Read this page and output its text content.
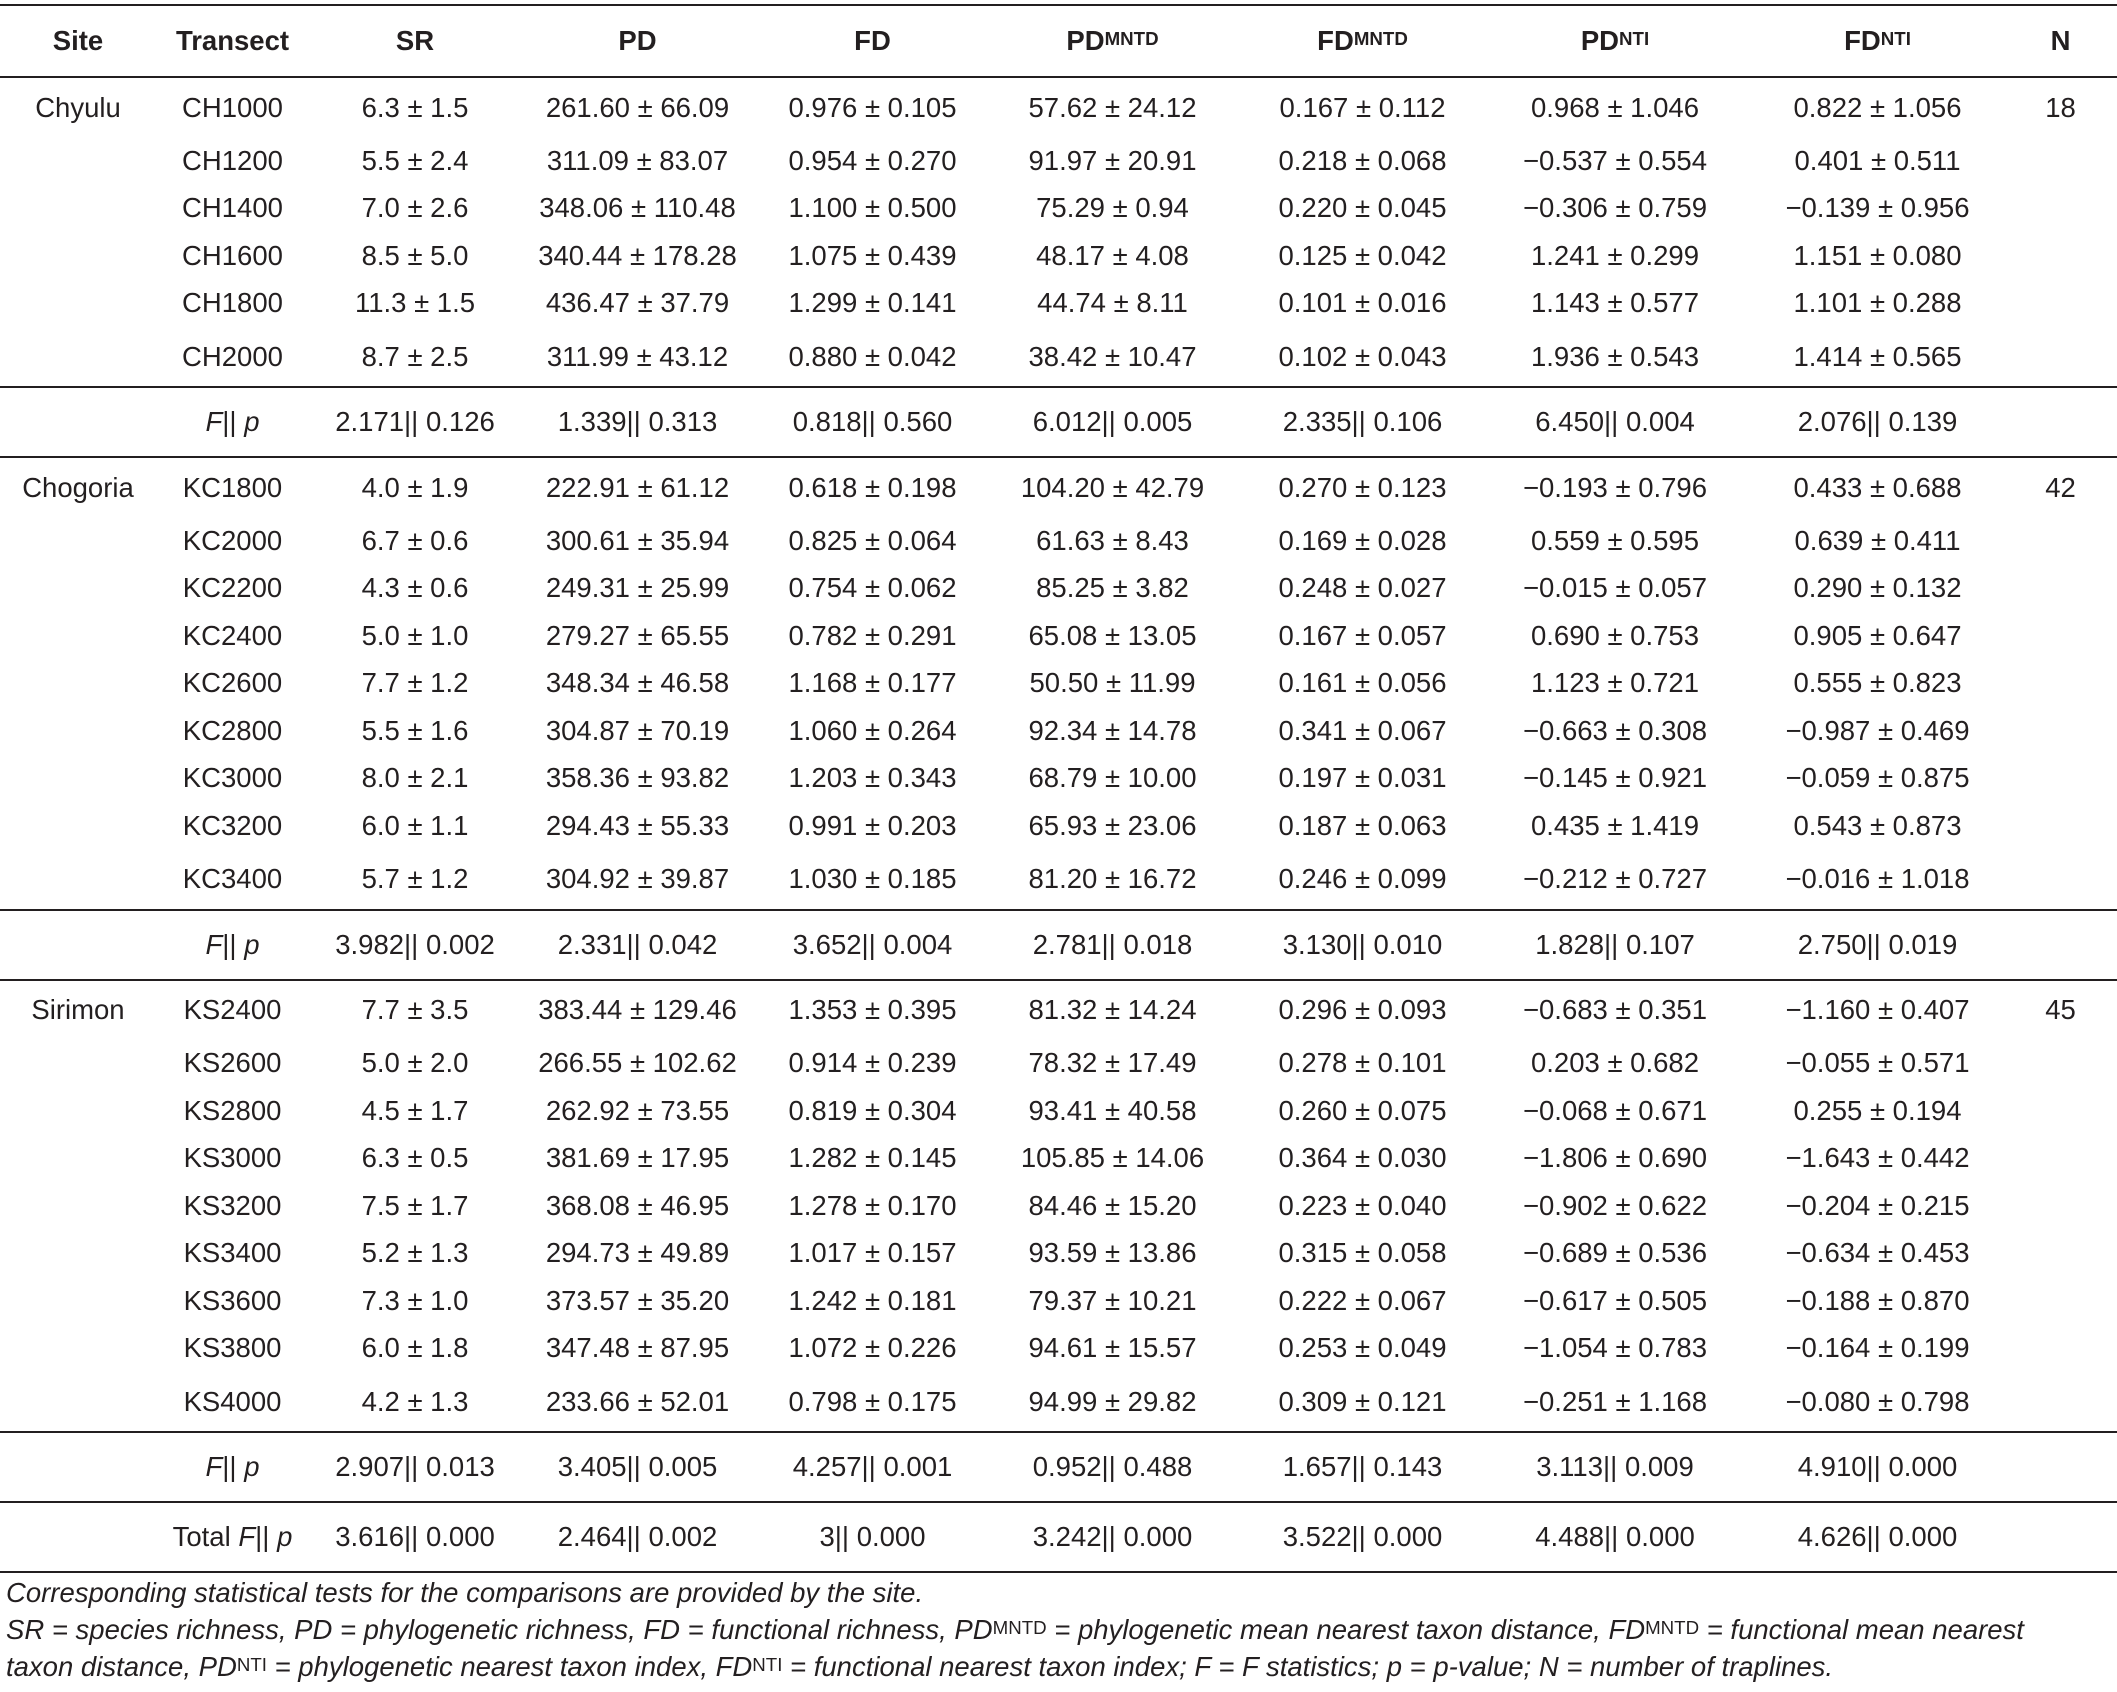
Site	Transect	SR	PD	FD	$PD^{MNTD}$	$FD^{MNTD}$	$PD^{NTI}$	$FD^{NTI}$	N
Chyulu	CH1000	6.3 ± 1.5	261.60 ± 66.09	0.976 ± 0.105	57.62 ± 24.12	0.167 ± 0.112	0.968 ± 1.046	0.822 ± 1.056	18
	CH1200	5.5 ± 2.4	311.09 ± 83.07	0.954 ± 0.270	91.97 ± 20.91	0.218 ± 0.068	−0.537 ± 0.554	0.401 ± 0.511	
	CH1400	7.0 ± 2.6	348.06 ± 110.48	1.100 ± 0.500	75.29 ± 0.94	0.220 ± 0.045	−0.306 ± 0.759	−0.139 ± 0.956	
	CH1600	8.5 ± 5.0	340.44 ± 178.28	1.075 ± 0.439	48.17 ± 4.08	0.125 ± 0.042	1.241 ± 0.299	1.151 ± 0.080	
	CH1800	11.3 ± 1.5	436.47 ± 37.79	1.299 ± 0.141	44.74 ± 8.11	0.101 ± 0.016	1.143 ± 0.577	1.101 ± 0.288	
	CH2000	8.7 ± 2.5	311.99 ± 43.12	0.880 ± 0.042	38.42 ± 10.47	0.102 ± 0.043	1.936 ± 0.543	1.414 ± 0.565	
	F|| p	2.171|| 0.126	1.339|| 0.313	0.818|| 0.560	6.012|| 0.005	2.335|| 0.106	6.450|| 0.004	2.076|| 0.139	
Chogoria	KC1800	4.0 ± 1.9	222.91 ± 61.12	0.618 ± 0.198	104.20 ± 42.79	0.270 ± 0.123	−0.193 ± 0.796	0.433 ± 0.688	42
	KC2000	6.7 ± 0.6	300.61 ± 35.94	0.825 ± 0.064	61.63 ± 8.43	0.169 ± 0.028	0.559 ± 0.595	0.639 ± 0.411	
	KC2200	4.3 ± 0.6	249.31 ± 25.99	0.754 ± 0.062	85.25 ± 3.82	0.248 ± 0.027	−0.015 ± 0.057	0.290 ± 0.132	
	KC2400	5.0 ± 1.0	279.27 ± 65.55	0.782 ± 0.291	65.08 ± 13.05	0.167 ± 0.057	0.690 ± 0.753	0.905 ± 0.647	
	KC2600	7.7 ± 1.2	348.34 ± 46.58	1.168 ± 0.177	50.50 ± 11.99	0.161 ± 0.056	1.123 ± 0.721	0.555 ± 0.823	
	KC2800	5.5 ± 1.6	304.87 ± 70.19	1.060 ± 0.264	92.34 ± 14.78	0.341 ± 0.067	−0.663 ± 0.308	−0.987 ± 0.469	
	KC3000	8.0 ± 2.1	358.36 ± 93.82	1.203 ± 0.343	68.79 ± 10.00	0.197 ± 0.031	−0.145 ± 0.921	−0.059 ± 0.875	
	KC3200	6.0 ± 1.1	294.43 ± 55.33	0.991 ± 0.203	65.93 ± 23.06	0.187 ± 0.063	0.435 ± 1.419	0.543 ± 0.873	
	KC3400	5.7 ± 1.2	304.92 ± 39.87	1.030 ± 0.185	81.20 ± 16.72	0.246 ± 0.099	−0.212 ± 0.727	−0.016 ± 1.018	
	F|| p	3.982|| 0.002	2.331|| 0.042	3.652|| 0.004	2.781|| 0.018	3.130|| 0.010	1.828|| 0.107	2.750|| 0.019	
Sirimon	KS2400	7.7 ± 3.5	383.44 ± 129.46	1.353 ± 0.395	81.32 ± 14.24	0.296 ± 0.093	−0.683 ± 0.351	−1.160 ± 0.407	45
	KS2600	5.0 ± 2.0	266.55 ± 102.62	0.914 ± 0.239	78.32 ± 17.49	0.278 ± 0.101	0.203 ± 0.682	−0.055 ± 0.571	
	KS2800	4.5 ± 1.7	262.92 ± 73.55	0.819 ± 0.304	93.41 ± 40.58	0.260 ± 0.075	−0.068 ± 0.671	0.255 ± 0.194	
	KS3000	6.3 ± 0.5	381.69 ± 17.95	1.282 ± 0.145	105.85 ± 14.06	0.364 ± 0.030	−1.806 ± 0.690	−1.643 ± 0.442	
	KS3200	7.5 ± 1.7	368.08 ± 46.95	1.278 ± 0.170	84.46 ± 15.20	0.223 ± 0.040	−0.902 ± 0.622	−0.204 ± 0.215	
	KS3400	5.2 ± 1.3	294.73 ± 49.89	1.017 ± 0.157	93.59 ± 13.86	0.315 ± 0.058	−0.689 ± 0.536	−0.634 ± 0.453	
	KS3600	7.3 ± 1.0	373.57 ± 35.20	1.242 ± 0.181	79.37 ± 10.21	0.222 ± 0.067	−0.617 ± 0.505	−0.188 ± 0.870	
	KS3800	6.0 ± 1.8	347.48 ± 87.95	1.072 ± 0.226	94.61 ± 15.57	0.253 ± 0.049	−1.054 ± 0.783	−0.164 ± 0.199	
	KS4000	4.2 ± 1.3	233.66 ± 52.01	0.798 ± 0.175	94.99 ± 29.82	0.309 ± 0.121	−0.251 ± 1.168	−0.080 ± 0.798	
	F|| p	2.907|| 0.013	3.405|| 0.005	4.257|| 0.001	0.952|| 0.488	1.657|| 0.143	3.113|| 0.009	4.910|| 0.000	
	Total F|| p	3.616|| 0.000	2.464|| 0.002	3|| 0.000	3.242|| 0.000	3.522|| 0.000	4.488|| 0.000	4.626|| 0.000	
Corresponding statistical tests for the comparisons are provided by the site.
SR = species richness, PD = phylogenetic richness, FD = functional richness, $PD^{MNTD}$ = phylogenetic mean nearest taxon distance, $FD^{MNTD}$ = functional mean nearest
taxon distance, $PD^{NTI}$ = phylogenetic nearest taxon index, $FD^{NTI}$ = functional nearest taxon index; F = F statistics; p = p-value; N = number of traplines.
